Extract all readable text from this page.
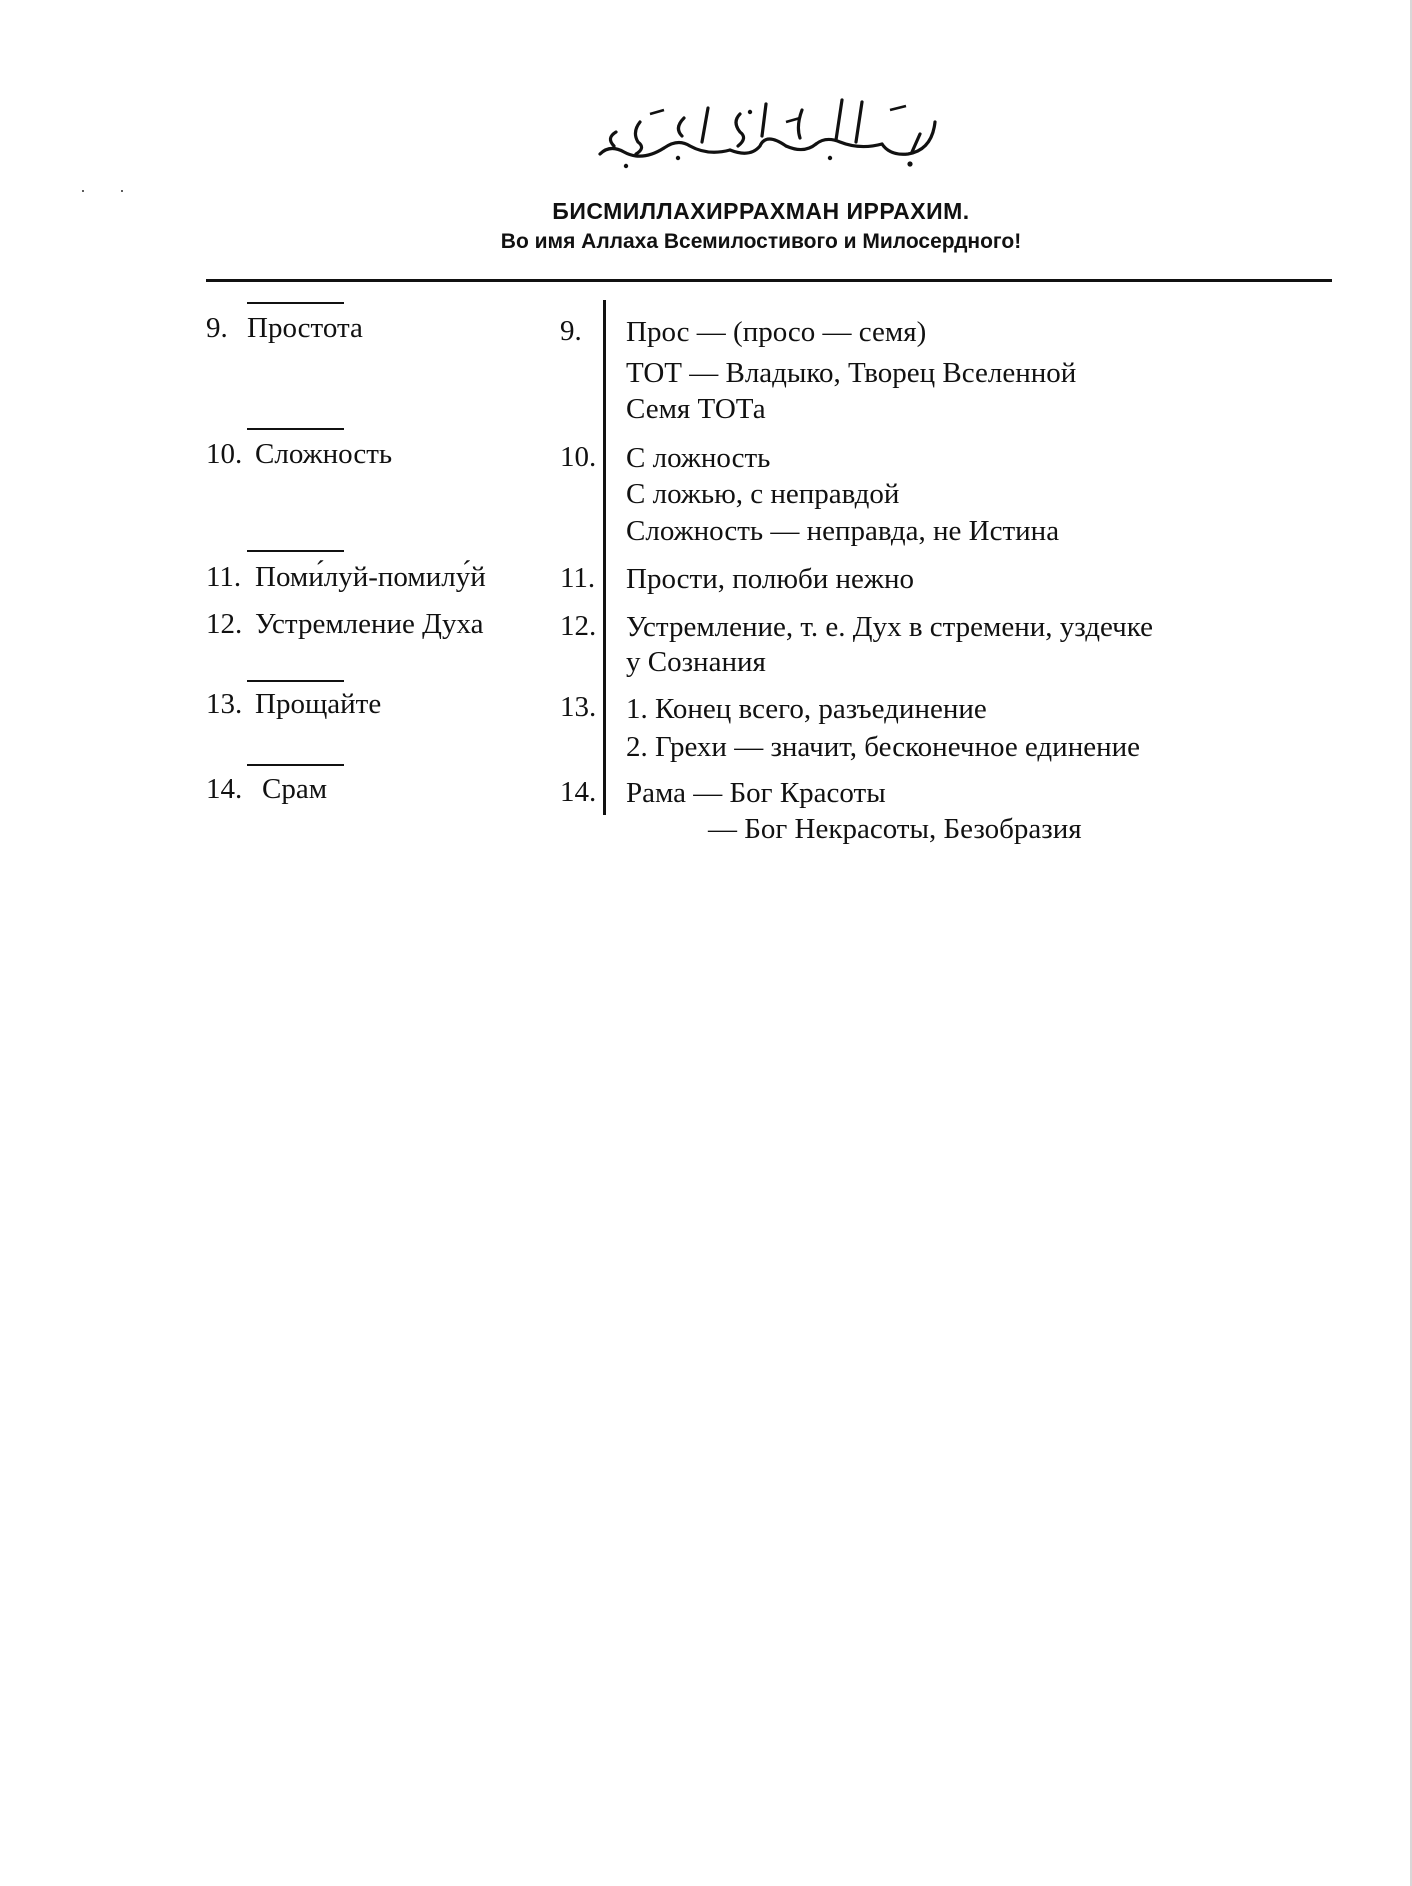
· ·
БИСМИЛЛАХИРРАХМАН ИРРАХИМ.
Во имя Аллаха Всемилостивого и Милосердного!
9. Простота	9. Прос — (просо — семя)
ТОТ — Владыко, Творец Вселенной
Семя ТОТа
10. Сложность	10. С ложность
С ложью, с неправдой
Сложность — неправда, не Истина
11. Поми́луй-помилу́й	11. Прости, полюби нежно
12. Устремление Духа	12. Устремление, т. е. Дух в стремени, уздечке
у Сознания
13. Прощайте	13. 1. Конец всего, разъединение
2. Грехи — значит, бесконечное единение
14. Срам	14. Рама — Бог Красоты
— Бог Некрасоты, Безобразия
